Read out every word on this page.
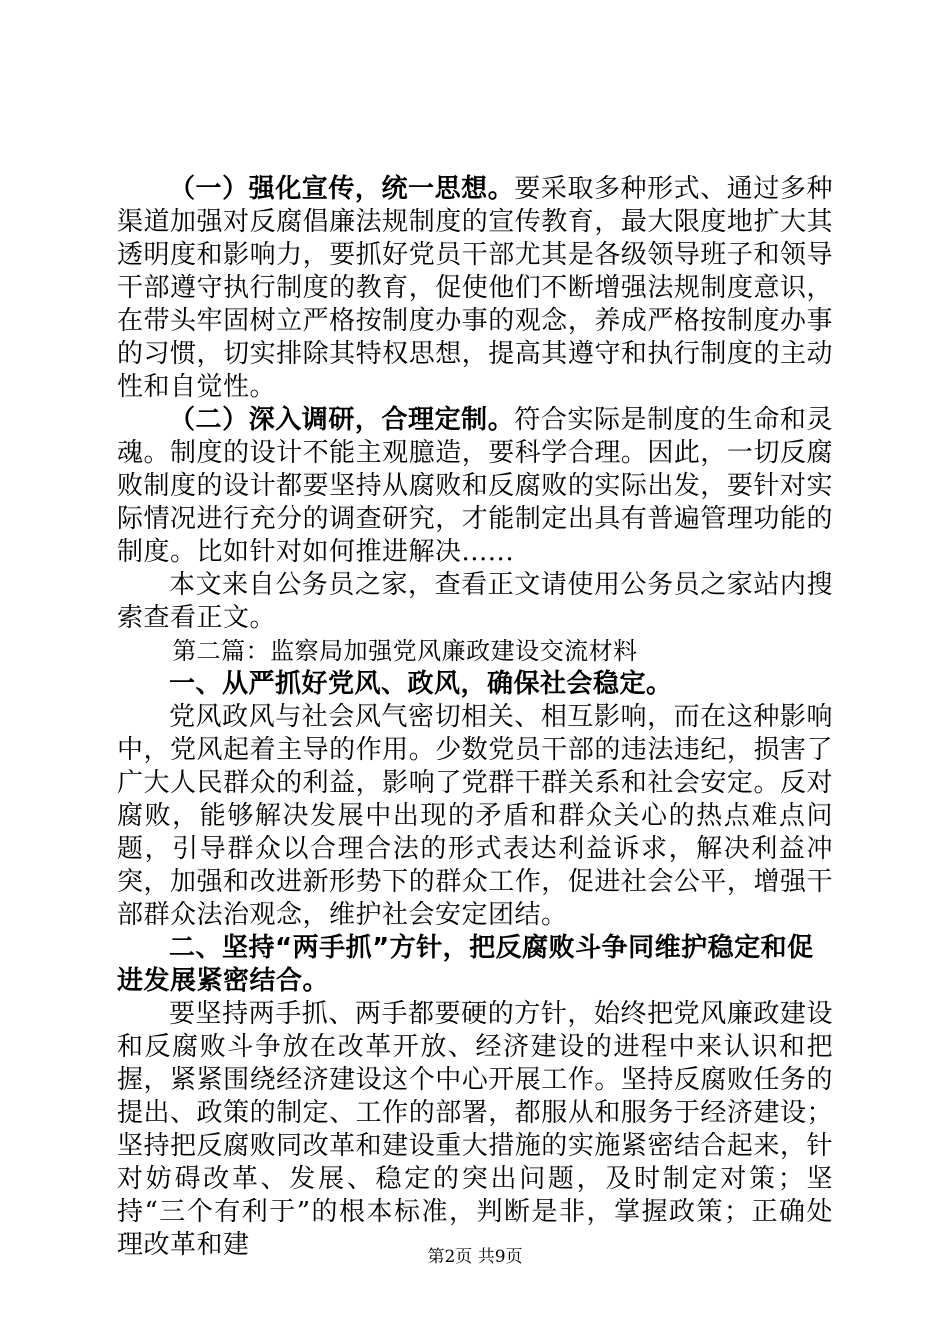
（一）强化宣传，统一思想。要采取多种形式、通过多种渠道加强对反腐倡廉法规制度的宣传教育，最大限度地扩大其透明度和影响力，要抓好党员干部尤其是各级领导班子和领导干部遵守执行制度的教育，促使他们不断增强法规制度意识，在带头牢固树立严格按制度办事的观念，养成严格按制度办事的习惯，切实排除其特权思想，提高其遵守和执行制度的主动性和自觉性。

（二）深入调研，合理定制。符合实际是制度的生命和灵魂。制度的设计不能主观臆造，要科学合理。因此，一切反腐败制度的设计都要坚持从腐败和反腐败的实际出发，要针对实际情况进行充分的调查研究，才能制定出具有普遍管理功能的制度。比如针对如何推进解决......

本文来自公务员之家，查看正文请使用公务员之家站内搜索查看正文。

第二篇：监察局加强党风廉政建设交流材料

一、从严抓好党风、政风，确保社会稳定。

党风政风与社会风气密切相关、相互影响，而在这种影响中，党风起着主导的作用。少数党员干部的违法违纪，损害了广大人民群众的利益，影响了党群干群关系和社会安定。反对腐败，能够解决发展中出现的矛盾和群众关心的热点难点问题，引导群众以合理合法的形式表达利益诉求，解决利益冲突，加强和改进新形势下的群众工作，促进社会公平，增强干部群众法治观念，维护社会安定团结。

二、坚持“两手抓”方针，把反腐败斗争同维护稳定和促进发展紧密结合。

要坚持两手抓、两手都要硬的方针，始终把党风廉政建设和反腐败斗争放在改革开放、经济建设的进程中来认识和把握，紧紧围绕经济建设这个中心开展工作。坚持反腐败任务的提出、政策的制定、工作的部署，都服从和服务于经济建设；坚持把反腐败同改革和建设重大措施的实施紧密结合起来，针对妨碍改革、发展、稳定的突出问题，及时制定对策；坚持“三个有利于”的根本标准，判断是非，掌握政策；正确处理改革和建	第2页 共9页
